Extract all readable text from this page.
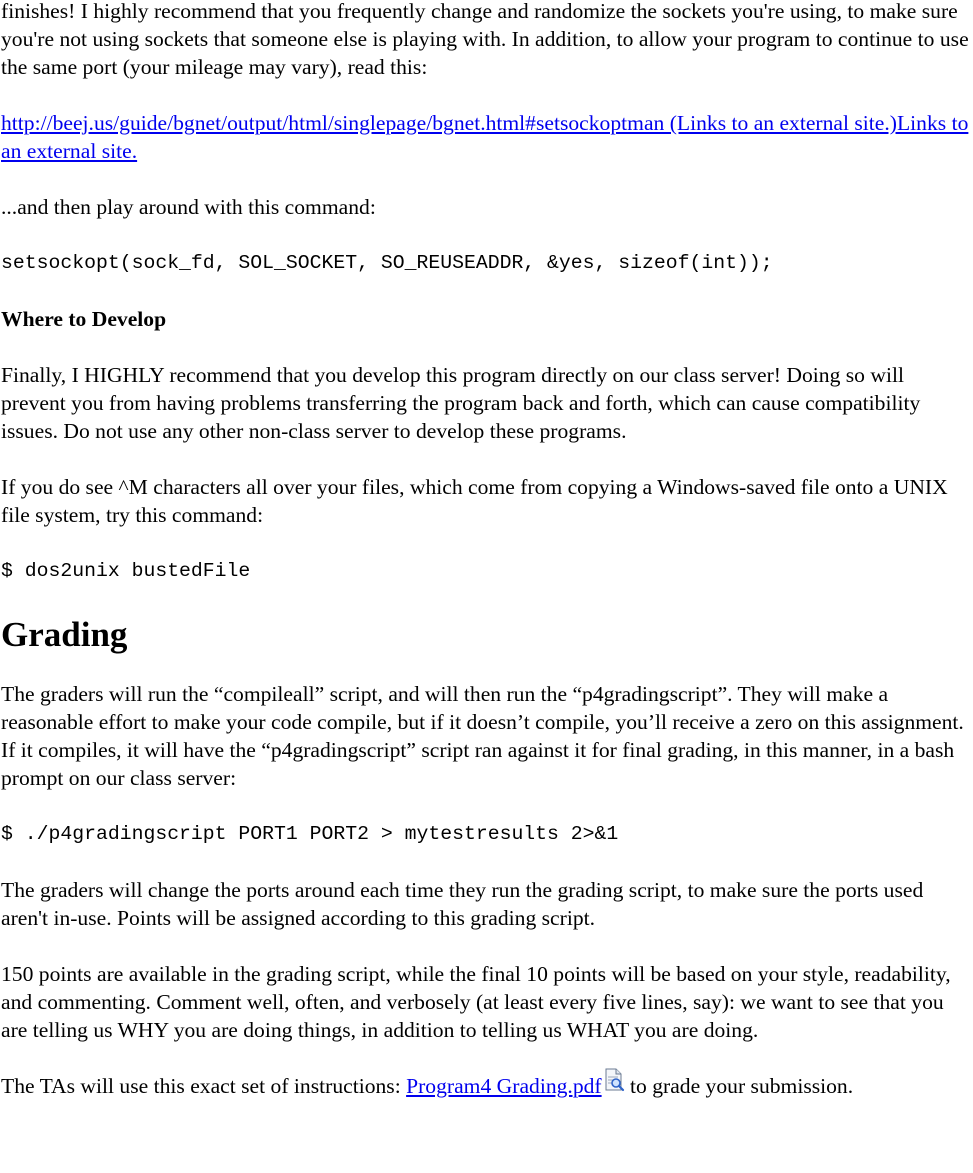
finishes! I highly recommend that you frequently change and randomize the sockets you're using, to make sure you're not using sockets that someone else is playing with. In addition, to allow your program to continue to use the same port (your mileage may vary), read this:

http://beej.us/guide/bgnet/output/html/singlepage/bgnet.html#setsockoptman (Links to an external site.)Links to an external site.

...and then play around with this command:

setsockopt(sock_fd, SOL_SOCKET, SO_REUSEADDR, &yes, sizeof(int));
Where to Develop

Finally, I HIGHLY recommend that you develop this program directly on our class server! Doing so will prevent you from having problems transferring the program back and forth, which can cause compatibility issues. Do not use any other non-class server to develop these programs.

If you do see ^M characters all over your files, which come from copying a Windows-saved file onto a UNIX file system, try this command:

$ dos2unix bustedFile
Grading

The graders will run the “compileall” script, and will then run the “p4gradingscript”. They will make a reasonable effort to make your code compile, but if it doesn’t compile, you’ll receive a zero on this assignment. If it compiles, it will have the “p4gradingscript” script ran against it for final grading, in this manner, in a bash prompt on our class server:

$ ./p4gradingscript PORT1 PORT2 > mytestresults 2>&1

The graders will change the ports around each time they run the grading script, to make sure the ports used aren't in-use. Points will be assigned according to this grading script.

150 points are available in the grading script, while the final 10 points will be based on your style, readability, and commenting. Comment well, often, and verbosely (at least every five lines, say): we want to see that you are telling us WHY you are doing things, in addition to telling us WHAT you are doing.

The TAs will use this exact set of instructions: Program4 Grading.pdf to grade your submission.
